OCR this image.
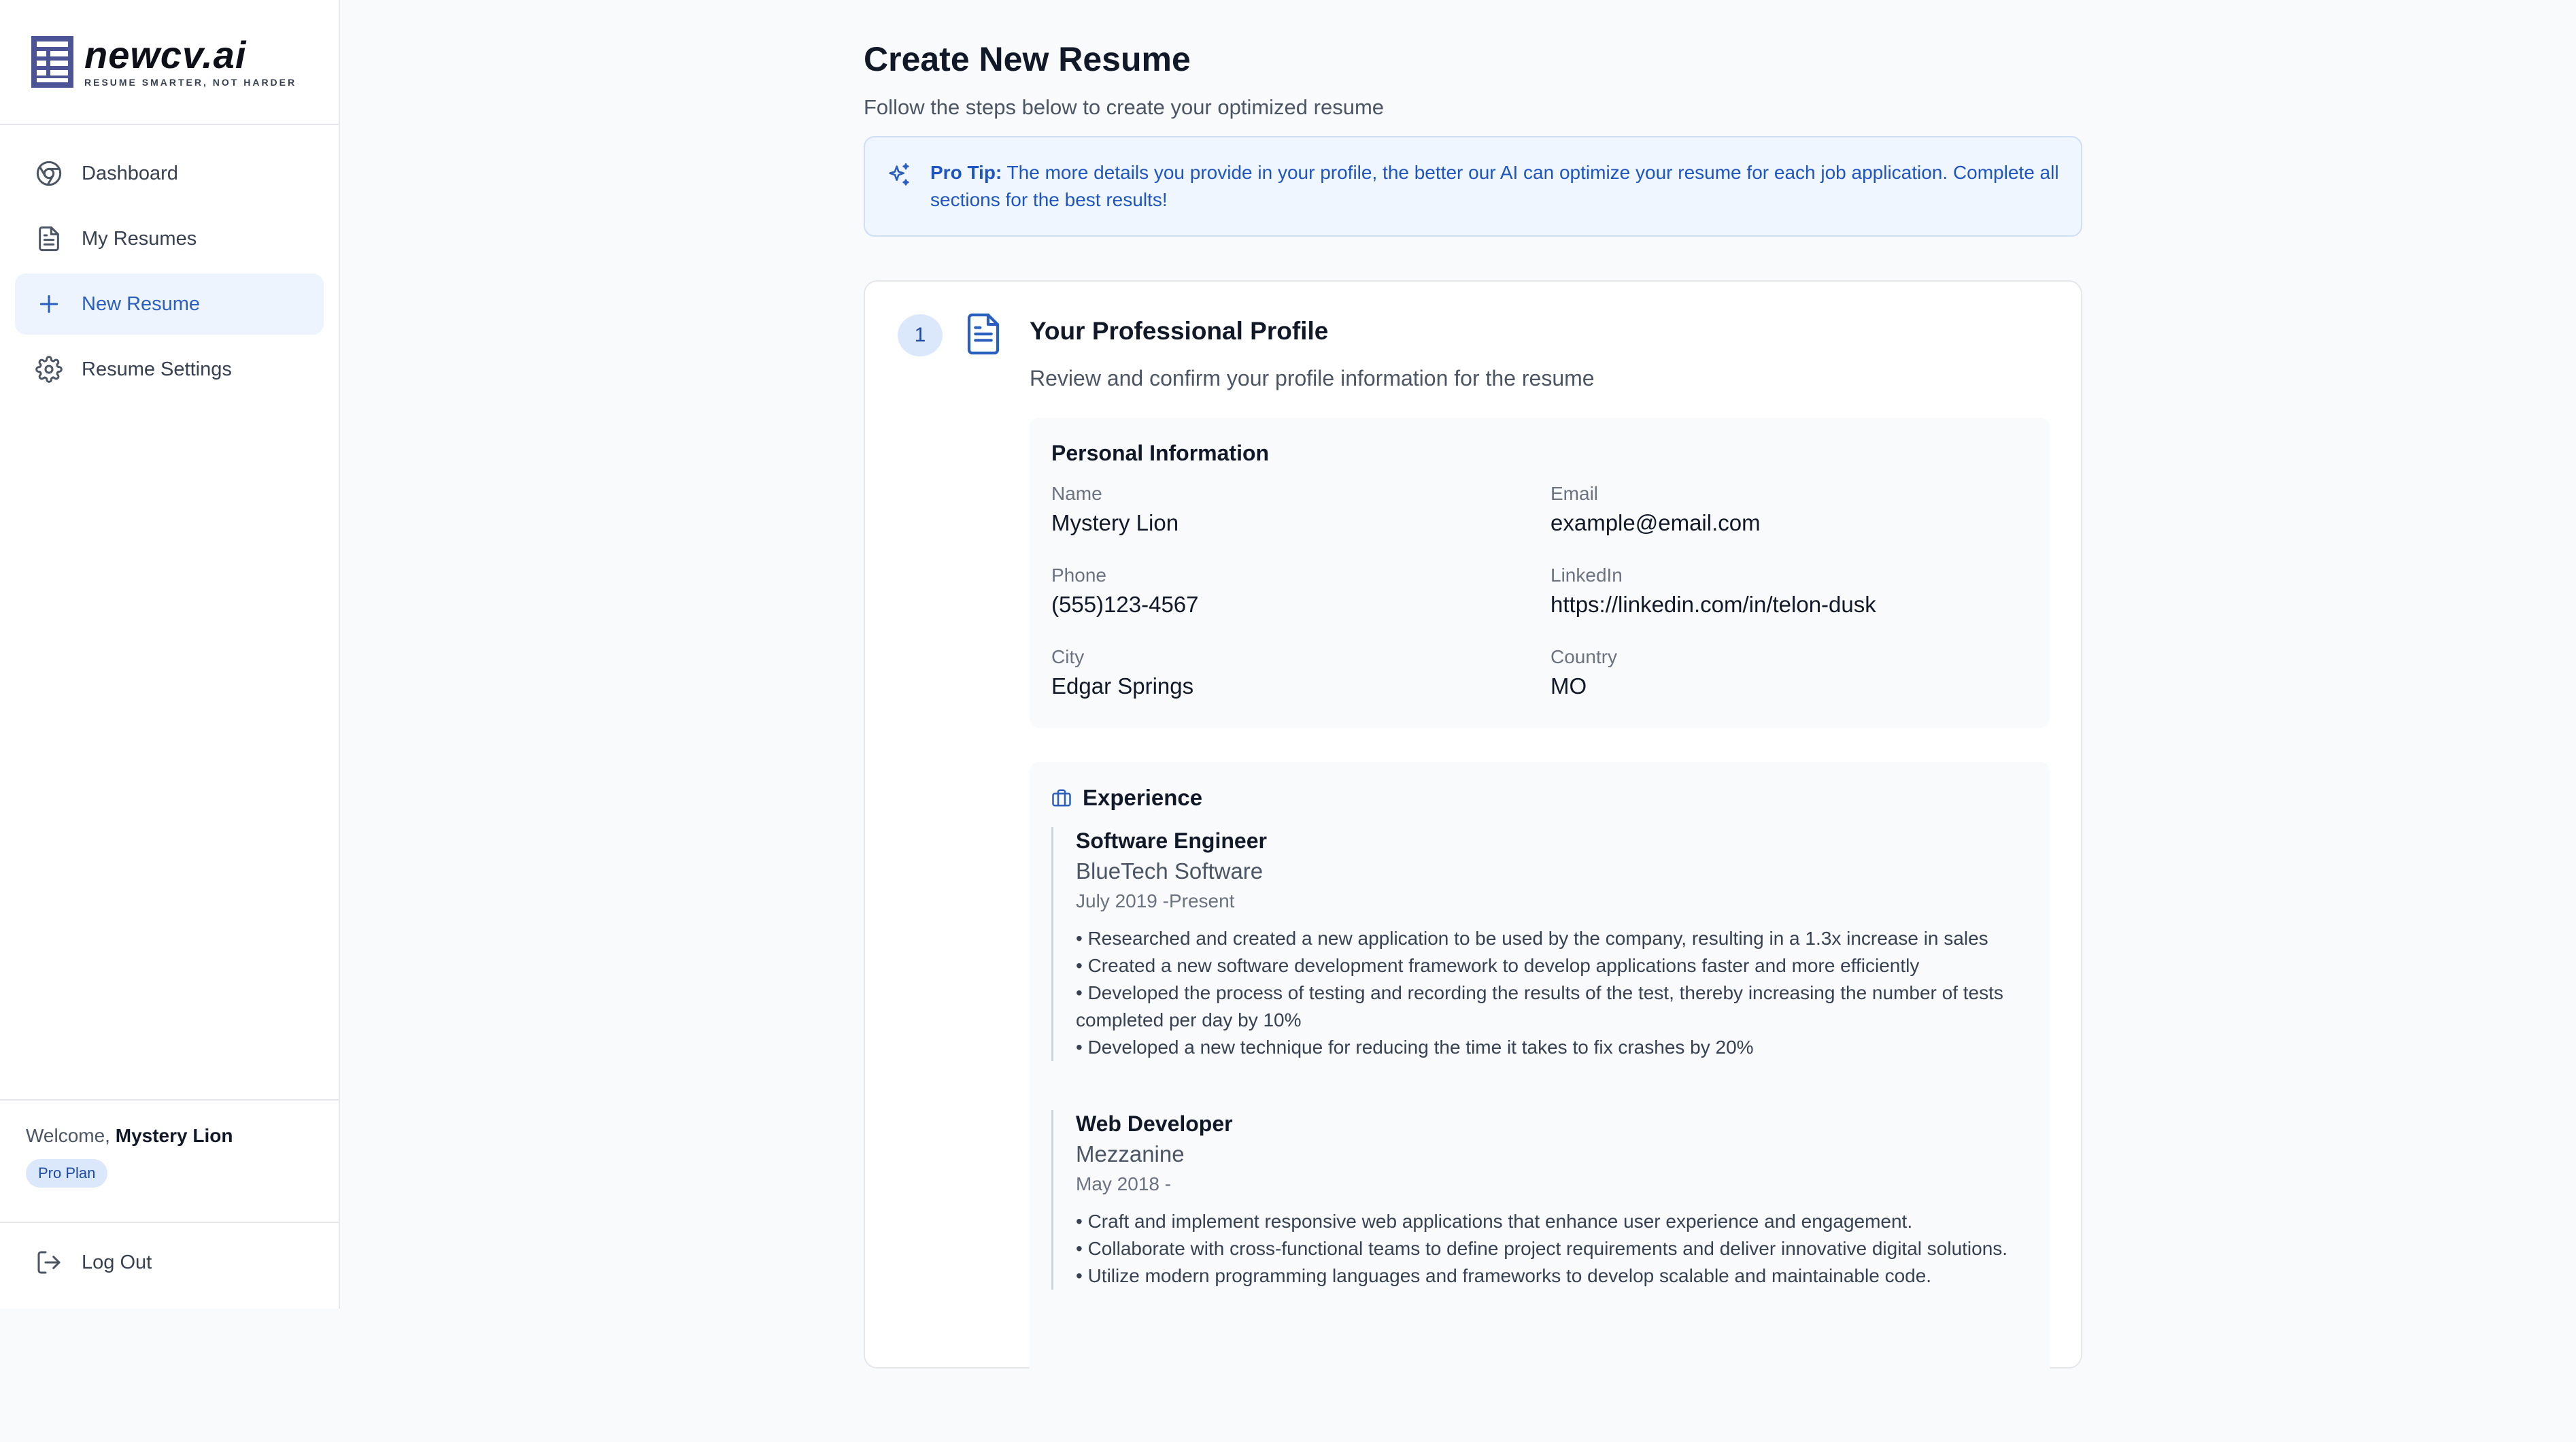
newcv.ai
RESUME SMARTER, NOT HARDER
Dashboard
My Resumes
New Resume
Resume Settings
Welcome, Mystery Lion
Pro Plan
Log Out
Create New Resume
Follow the steps below to create your optimized resume
Pro Tip: The more details you provide in your profile, the better our AI can optimize your resume for each job application. Complete all sections for the best results!
1	Your Professional Profile
Review and confirm your profile information for the resume
Personal Information
Name
Mystery Lion
Email
example@email.com
Phone
(555)123-4567
LinkedIn
https://linkedin.com/in/telon-dusk
City
Edgar Springs
Country
MO
Experience
Software Engineer
BlueTech Software
July 2019 -Present
• Researched and created a new application to be used by the company, resulting in a 1.3x increase in sales
• Created a new software development framework to develop applications faster and more efficiently
• Developed the process of testing and recording the results of the test, thereby increasing the number of tests completed per day by 10%
• Developed a new technique for reducing the time it takes to fix crashes by 20%
Web Developer
Mezzanine
May 2018 -
• Craft and implement responsive web applications that enhance user experience and engagement.
• Collaborate with cross-functional teams to define project requirements and deliver innovative digital solutions.
• Utilize modern programming languages and frameworks to develop scalable and maintainable code.
